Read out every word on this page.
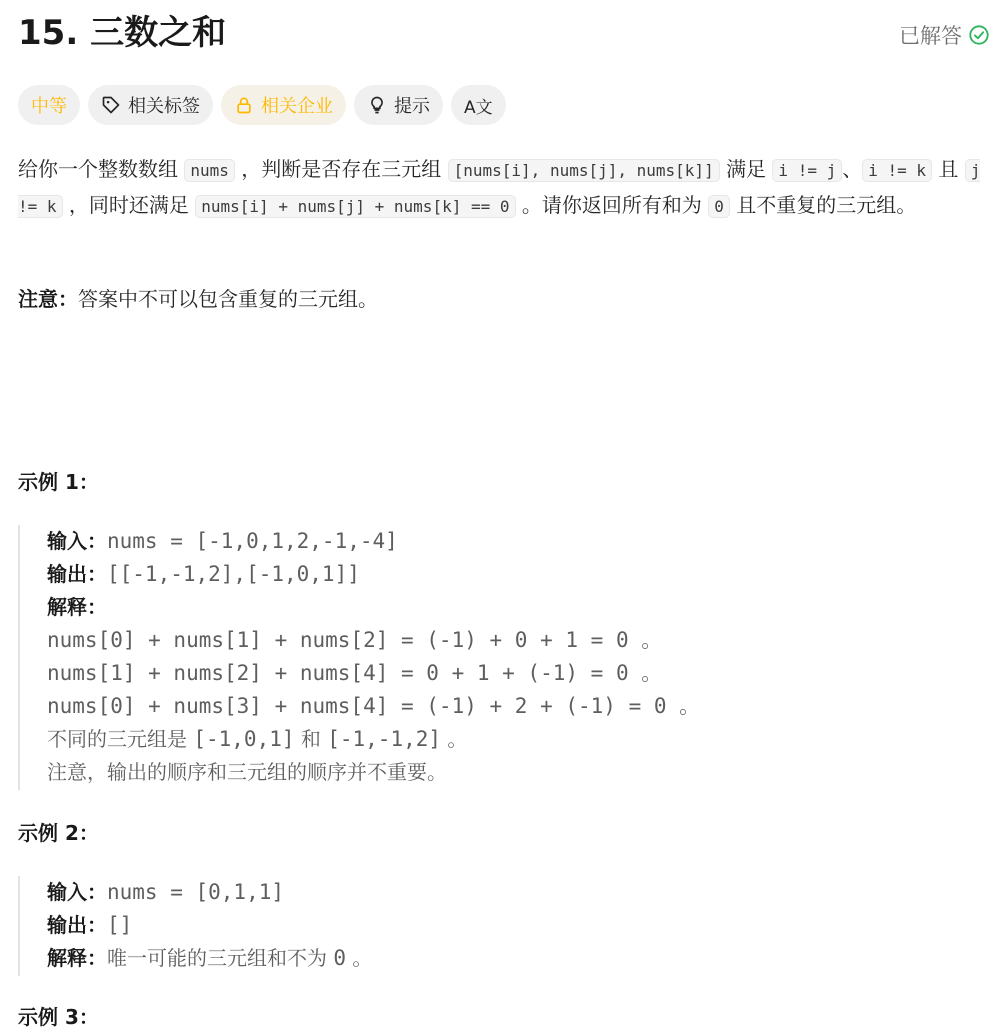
15. 三数之和	已解答
中等	相关标签	相关企业	提示 A文
给你一个整数数组 nums ，判断是否存在三元组 [nums[i], nums[j], nums[k]] 满足 i != j 、 i != k 且 j != k ，同时还满足 nums[i] + nums[j] + nums[k] == 0 。请你返回所有和为 0 且不重复的三元组。
注意：答案中不可以包含重复的三元组。
示例 1：
输入：nums = [-1,0,1,2,-1,-4]
输出：[[-1,-1,2],[-1,0,1]]
解释：
nums[0] + nums[1] + nums[2] = (-1) + 0 + 1 = 0 。
nums[1] + nums[2] + nums[4] = 0 + 1 + (-1) = 0 。
nums[0] + nums[3] + nums[4] = (-1) + 2 + (-1) = 0 。
不同的三元组是 [-1,0,1] 和 [-1,-1,2] 。
注意，输出的顺序和三元组的顺序并不重要。
示例 2：
输入：nums = [0,1,1]
输出：[]
解释：唯一可能的三元组和不为 0 。
示例 3：
